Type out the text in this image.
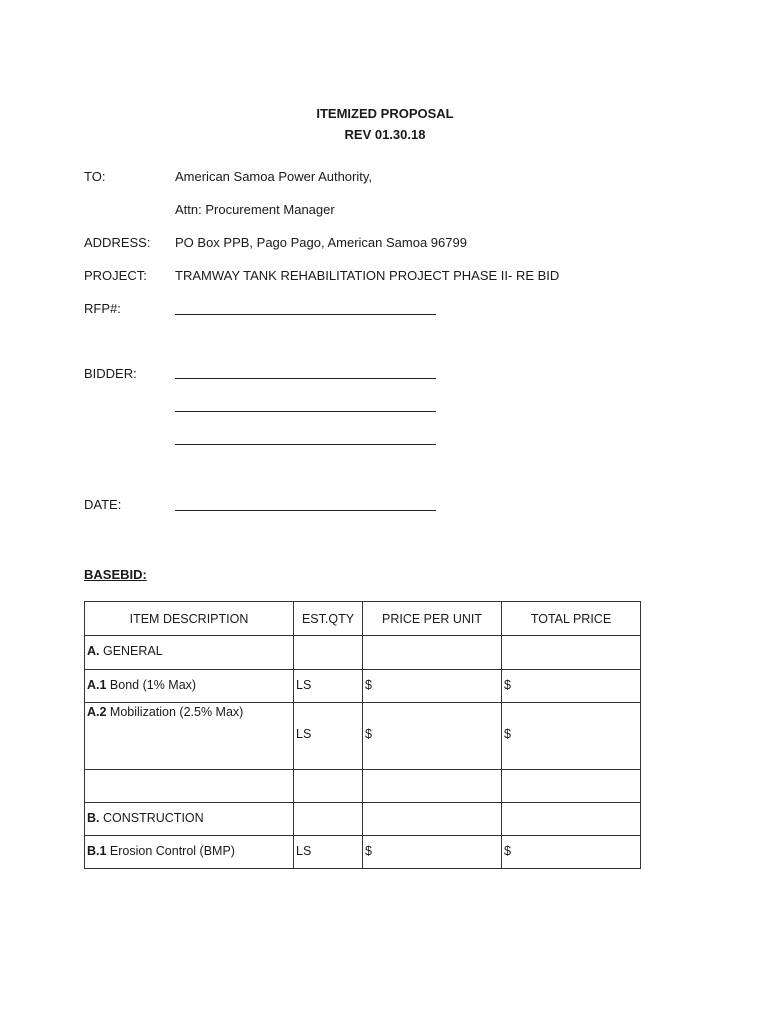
ITEMIZED PROPOSAL
REV 01.30.18
TO:	American Samoa Power Authority,
Attn: Procurement Manager
ADDRESS: PO Box PPB, Pago Pago, American Samoa 96799
PROJECT: TRAMWAY TANK REHABILITATION PROJECT PHASE II- RE BID
RFP#:
BIDDER:
DATE:
BASEBID:
ITEM DESCRIPTION	EST.QTY	PRICE PER UNIT	TOTAL PRICE

A. GENERAL			

A.1 Bond (1% Max)	LS	$	$

A.2 Mobilization (2.5% Max)	LS	$	$

B. CONSTRUCTION			

B.1 Erosion Control (BMP)	LS	$	$
